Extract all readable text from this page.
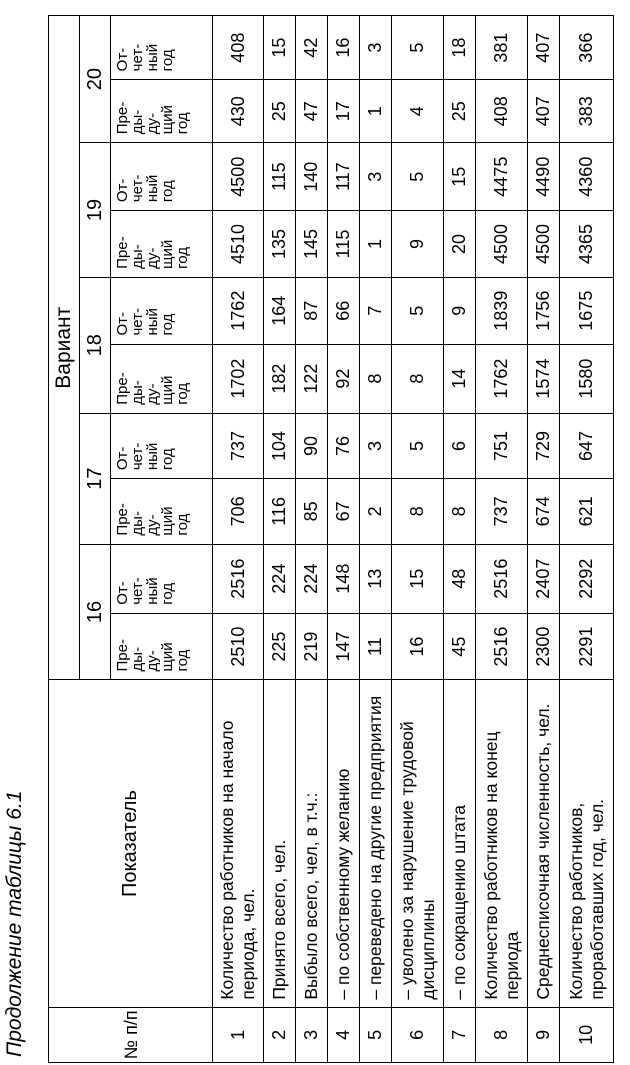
Продолжение таблицы 6.1	№ п/п	Показатель	Вариант									
		16		17		18		19		20	
		Пре-
ды-
ду-
щий
год	От-
чет-
ный
год	Пре-
ды-
ду-
щий
год	От-
чет-
ный
год	Пре-
ды-
ду-
щий
год	От-
чет-
ный
год	Пре-
ды-
ду-
щий
год	От-
чет-
ный
год	Пре-
ды-
ду-
щий
год	От-
чет-
ный
год
1	Количество работников на начало периода, чел.	2510	2516	706	737	1702	1762	4510	4500	430	408
2	Принято всего, чел.	225	224	116	104	182	164	135	115	25	15
3	Выбыло всего, чел, в т.ч.:	219	224	85	90	122	87	145	140	47	42
4	– по собственному желанию	147	148	67	76	92	66	115	117	17	16
5	– переведено на другие предприятия	11	13	2	3	8	7	1	3	1	3
6	– уволено за нарушение трудовой дисциплины	16	15	8	5	8	5	9	5	4	5
7	– по сокращению штата	45	48	8	6	14	9	20	15	25	18
8	Количество работников на конец периода	2516	2516	737	751	1762	1839	4500	4475	408	381
9	Среднесписочная численность, чел.	2300	2407	674	729	1574	1756	4500	4490	407	407
10	Количество работников, проработавших год, чел.	2291	2292	621	647	1580	1675	4365	4360	383	366
